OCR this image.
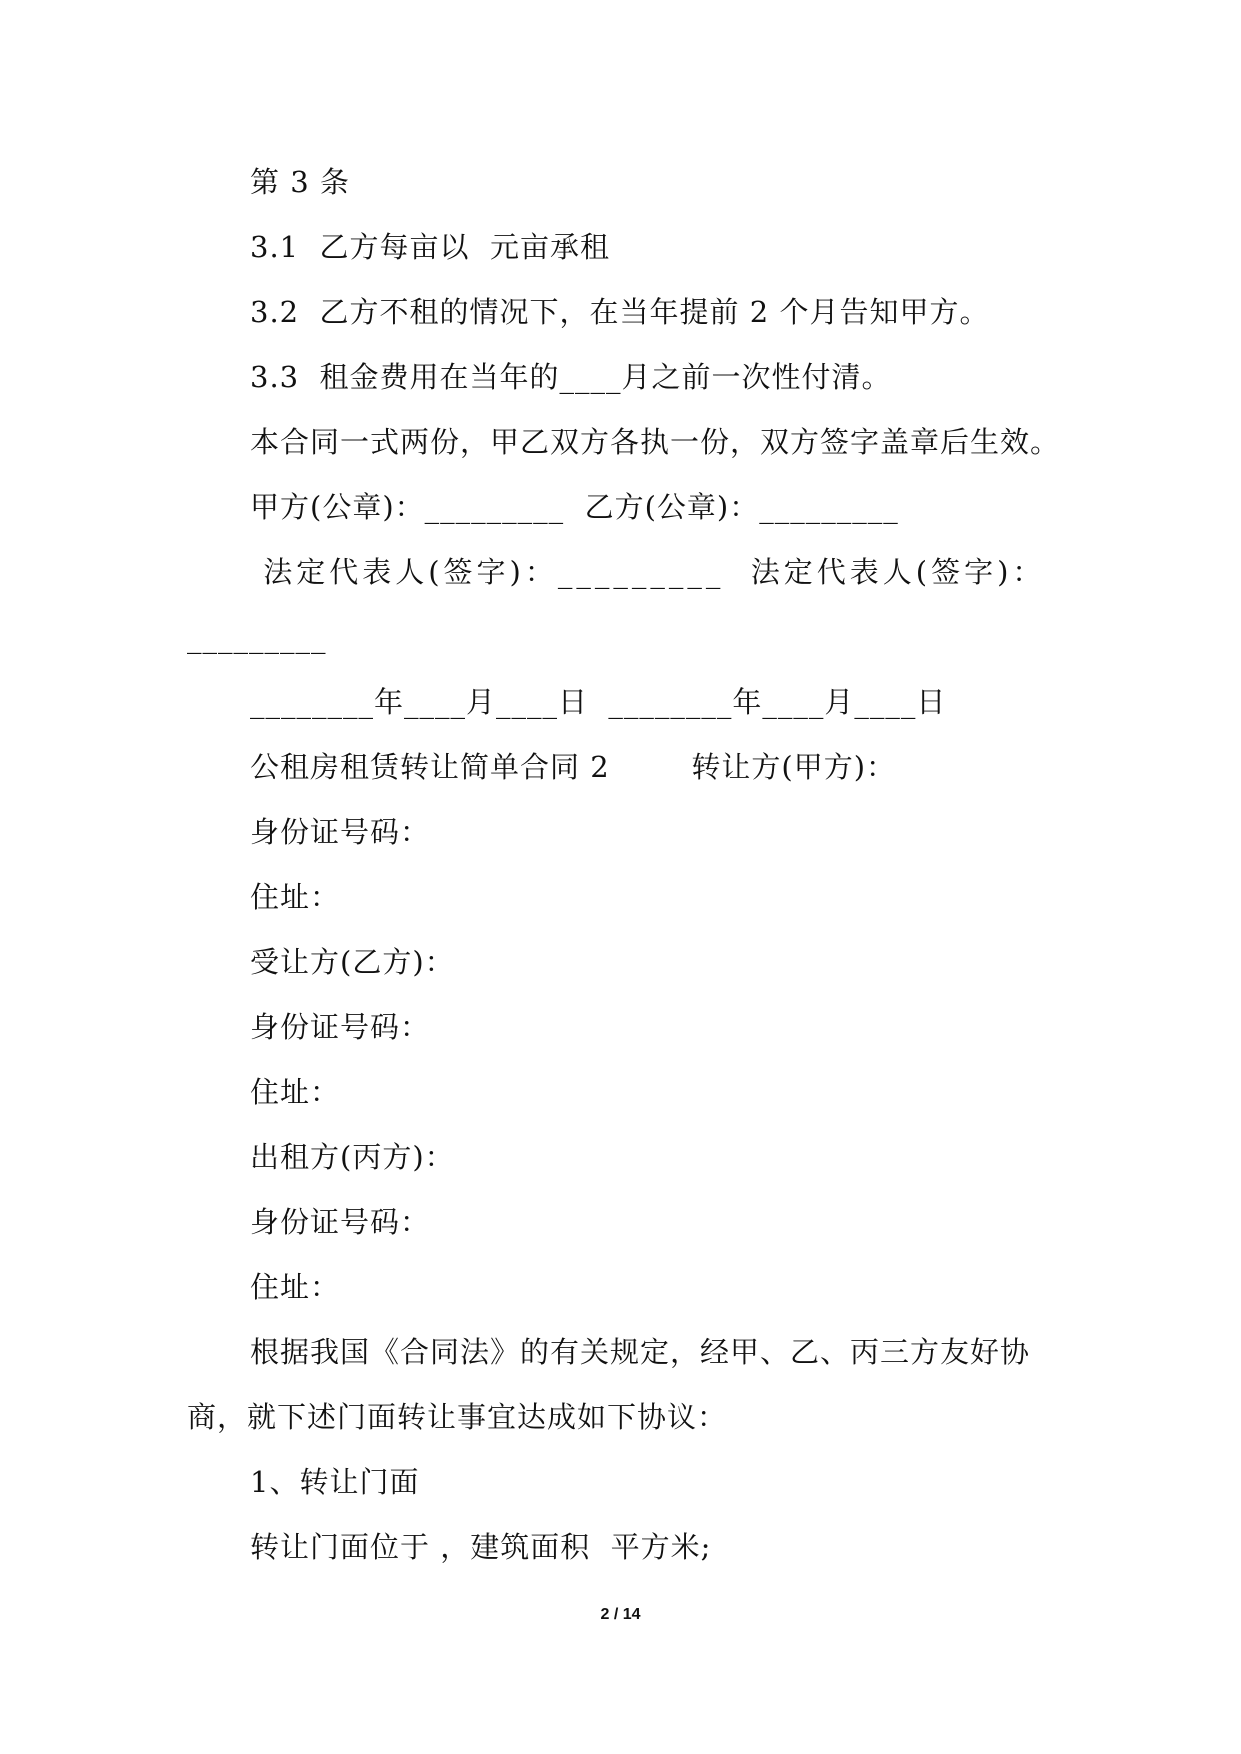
第 3 条
3.1  乙方每亩以  元亩承租
3.2  乙方不租的情况下，在当年提前 2 个月告知甲方。
3.3  租金费用在当年的____月之前一次性付清。
本合同一式两份，甲乙双方各执一份，双方签字盖章后生效。
甲方(公章)：_________  乙方(公章)：_________
法定代表人(签字)：_________  法定代表人(签字)：
_________
________年____月____日  ________年____月____日
公租房租赁转让简单合同 2        转让方(甲方)：
身份证号码：
住址：
受让方(乙方)：
身份证号码：
住址：
出租方(丙方)：
身份证号码：
住址：
根据我国《合同法》的有关规定，经甲、乙、丙三方友好协
商，就下述门面转让事宜达成如下协议：
1、转让门面
转让门面位于 ，建筑面积  平方米;
2 / 14
